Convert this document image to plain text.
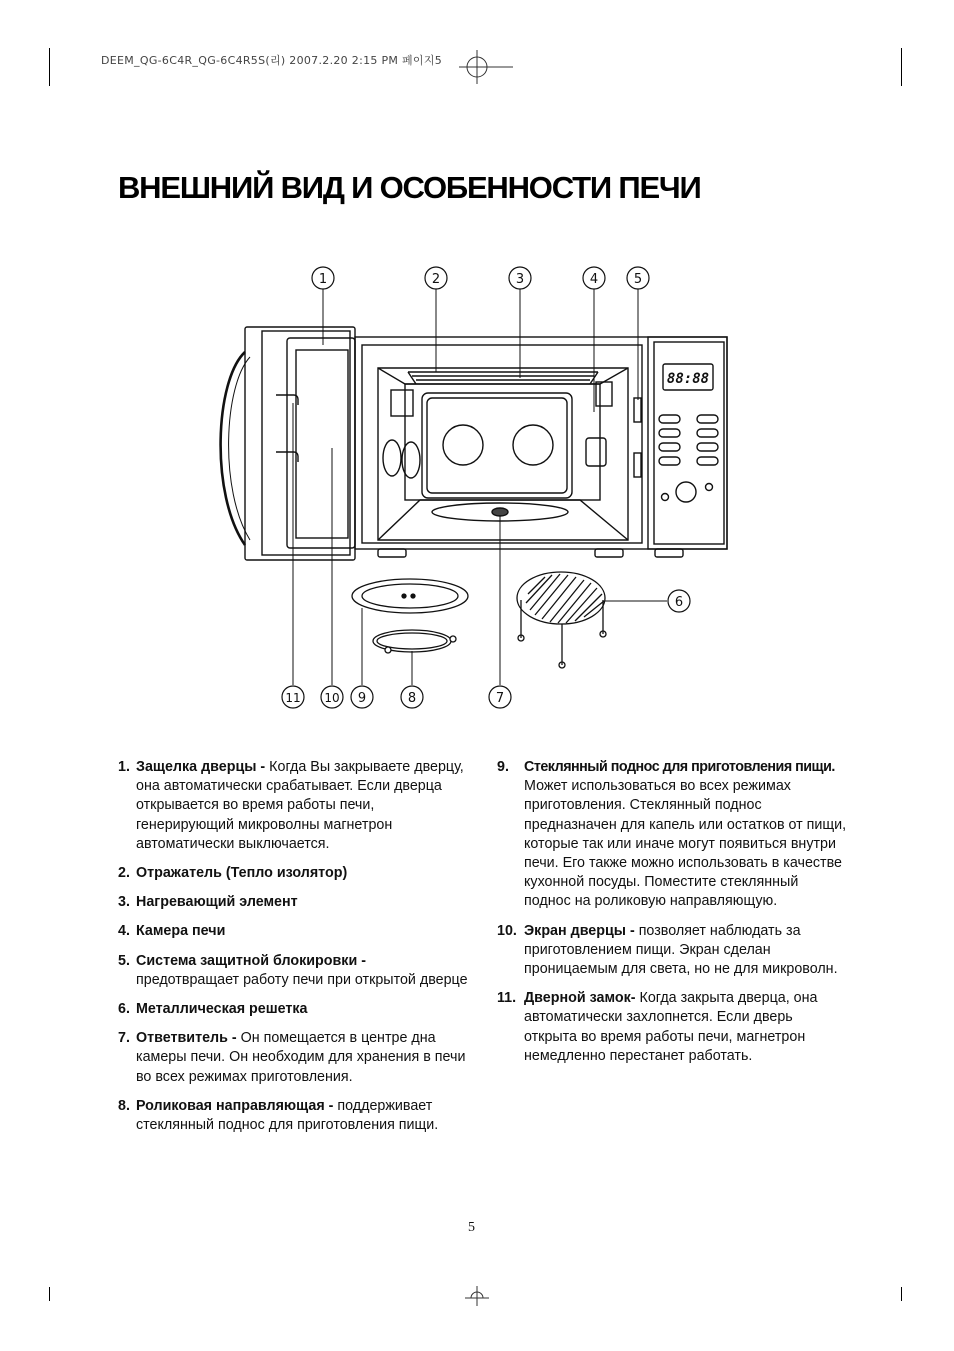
DEEM_QG-6C4R_QG-6C4R5S(리) 2007.2.20 2:15 PM 페이지5
ВНЕШНИЙ ВИД И ОСОБЕННОСТИ ПЕЧИ
88:88
1	2	3	4	5
6
7
8
9
10
11
1. Защелка дверцы - Когда Вы закрываете дверцу, она автоматически срабатывает. Если дверца открывается во время работы печи, генерирующий микроволны магнетрон автоматически выключается.
2. Отражатель (Тепло изолятор)
3. Нагревающий элемент
4. Камера печи
5. Система защитной блокировки - предотвращает работу печи при открытой дверце
6. Металлическая решетка
7. Ответвитель - Он помещается в центре дна камеры печи. Он необходим для хранения в печи во всех режимах приготовления.
8. Роликовая направляющая - поддерживает стеклянный поднос для приготовления пищи.
9. Стеклянный поднос для приготовления пищи. Может использоваться во всех режимах приготовления. Стеклянный поднос предназначен для капель или остатков от пищи, которые так или иначе могут появиться внутри печи. Его также можно использовать в качестве кухонной посуды. Поместите стеклянный поднос на роликовую направляющую.
10. Экран дверцы - позволяет наблюдать за приготовлением пищи. Экран сделан проницаемым для света, но не для микроволн.
11. Дверной замок- Когда закрыта дверца, она автоматически захлопнется. Если дверь открыта во время работы печи, магнетрон немедленно перестанет работать.
5
